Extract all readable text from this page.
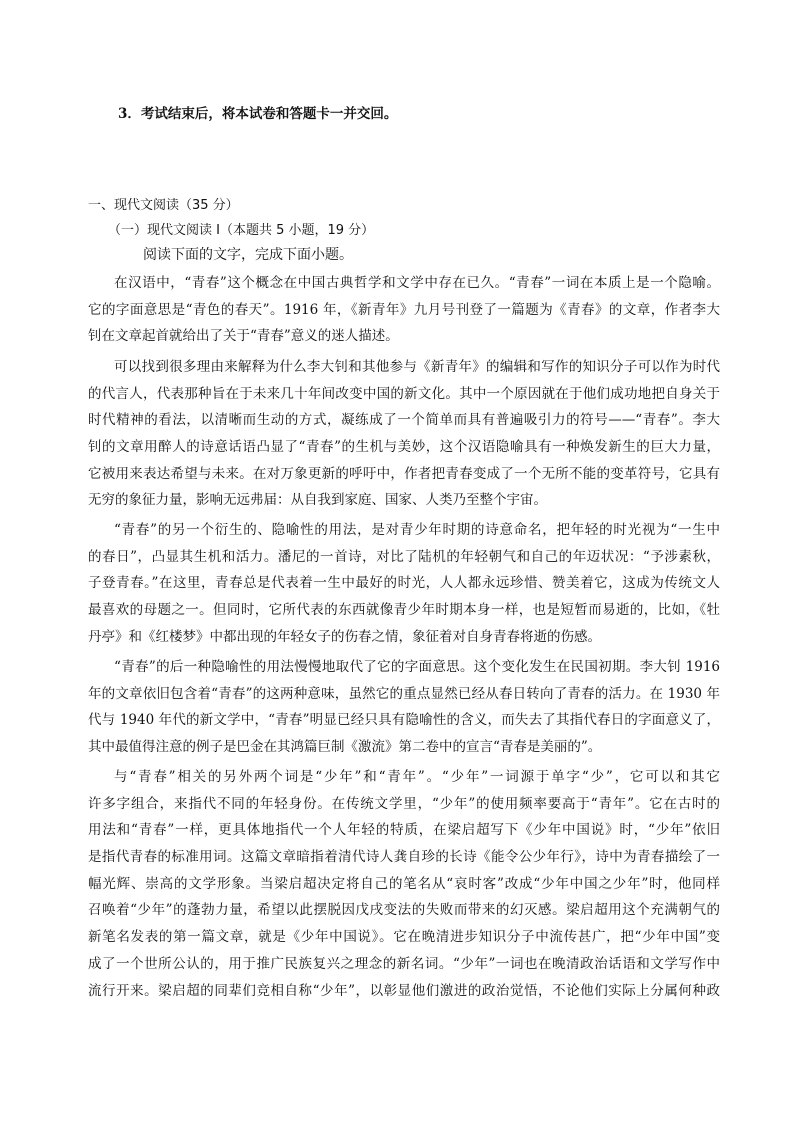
3．考试结束后，将本试卷和答题卡一并交回。
一、现代文阅读（35 分）
（一）现代文阅读 I（本题共 5 小题，19 分）
阅读下面的文字，完成下面小题。
在汉语中，“青春”这个概念在中国古典哲学和文学中存在已久。“青春”一词在本质上是一个隐喻。
它的字面意思是“青色的春天”。1916 年，《新青年》九月号刊登了一篇题为《青春》的文章，作者李大
钊在文章起首就给出了关于“青春”意义的迷人描述。
可以找到很多理由来解释为什么李大钊和其他参与《新青年》的编辑和写作的知识分子可以作为时代
的代言人，代表那种旨在于未来几十年间改变中国的新文化。其中一个原因就在于他们成功地把自身关于
时代精神的看法，以清晰而生动的方式，凝练成了一个简单而具有普遍吸引力的符号——“青春”。李大
钊的文章用醉人的诗意话语凸显了“青春”的生机与美妙，这个汉语隐喻具有一种焕发新生的巨大力量，
它被用来表达希望与未来。在对万象更新的呼吁中，作者把青春变成了一个无所不能的变革符号，它具有
无穷的象征力量，影响无远弗届：从自我到家庭、国家、人类乃至整个宇宙。
“青春”的另一个衍生的、隐喻性的用法，是对青少年时期的诗意命名，把年轻的时光视为“一生中
的春日”，凸显其生机和活力。潘尼的一首诗，对比了陆机的年轻朝气和自己的年迈状况：“予涉素秋，
子登青春。”在这里，青春总是代表着一生中最好的时光，人人都永远珍惜、赞美着它，这成为传统文人
最喜欢的母题之一。但同时，它所代表的东西就像青少年时期本身一样，也是短暂而易逝的，比如，《牡
丹亭》和《红楼梦》中都出现的年轻女子的伤春之情，象征着对自身青春将逝的伤感。
“青春”的后一种隐喻性的用法慢慢地取代了它的字面意思。这个变化发生在民国初期。李大钊 1916
年的文章依旧包含着“青春”的这两种意味，虽然它的重点显然已经从春日转向了青春的活力。在 1930 年
代与 1940 年代的新文学中，“青春”明显已经只具有隐喻性的含义，而失去了其指代春日的字面意义了，
其中最值得注意的例子是巴金在其鸿篇巨制《激流》第二卷中的宣言“青春是美丽的”。
与“青春”相关的另外两个词是“少年”和“青年”。“少年”一词源于单字“少”，它可以和其它
许多字组合，来指代不同的年轻身份。在传统文学里，“少年”的使用频率要高于“青年”。它在古时的
用法和“青春”一样，更具体地指代一个人年轻的特质，在梁启超写下《少年中国说》时，“少年”依旧
是指代青春的标准用词。这篇文章暗指着清代诗人龚自珍的长诗《能令公少年行》，诗中为青春描绘了一
幅光辉、崇高的文学形象。当梁启超决定将自己的笔名从“哀时客”改成“少年中国之少年”时，他同样
召唤着“少年”的蓬勃力量，希望以此摆脱因戊戌变法的失败而带来的幻灭感。梁启超用这个充满朝气的
新笔名发表的第一篇文章，就是《少年中国说》。它在晚清进步知识分子中流传甚广，把“少年中国”变
成了一个世所公认的，用于推广民族复兴之理念的新名词。“少年”一词也在晚清政治话语和文学写作中
流行开来。梁启超的同辈们竞相自称“少年”，以彰显他们激进的政治觉悟，不论他们实际上分属何种政
